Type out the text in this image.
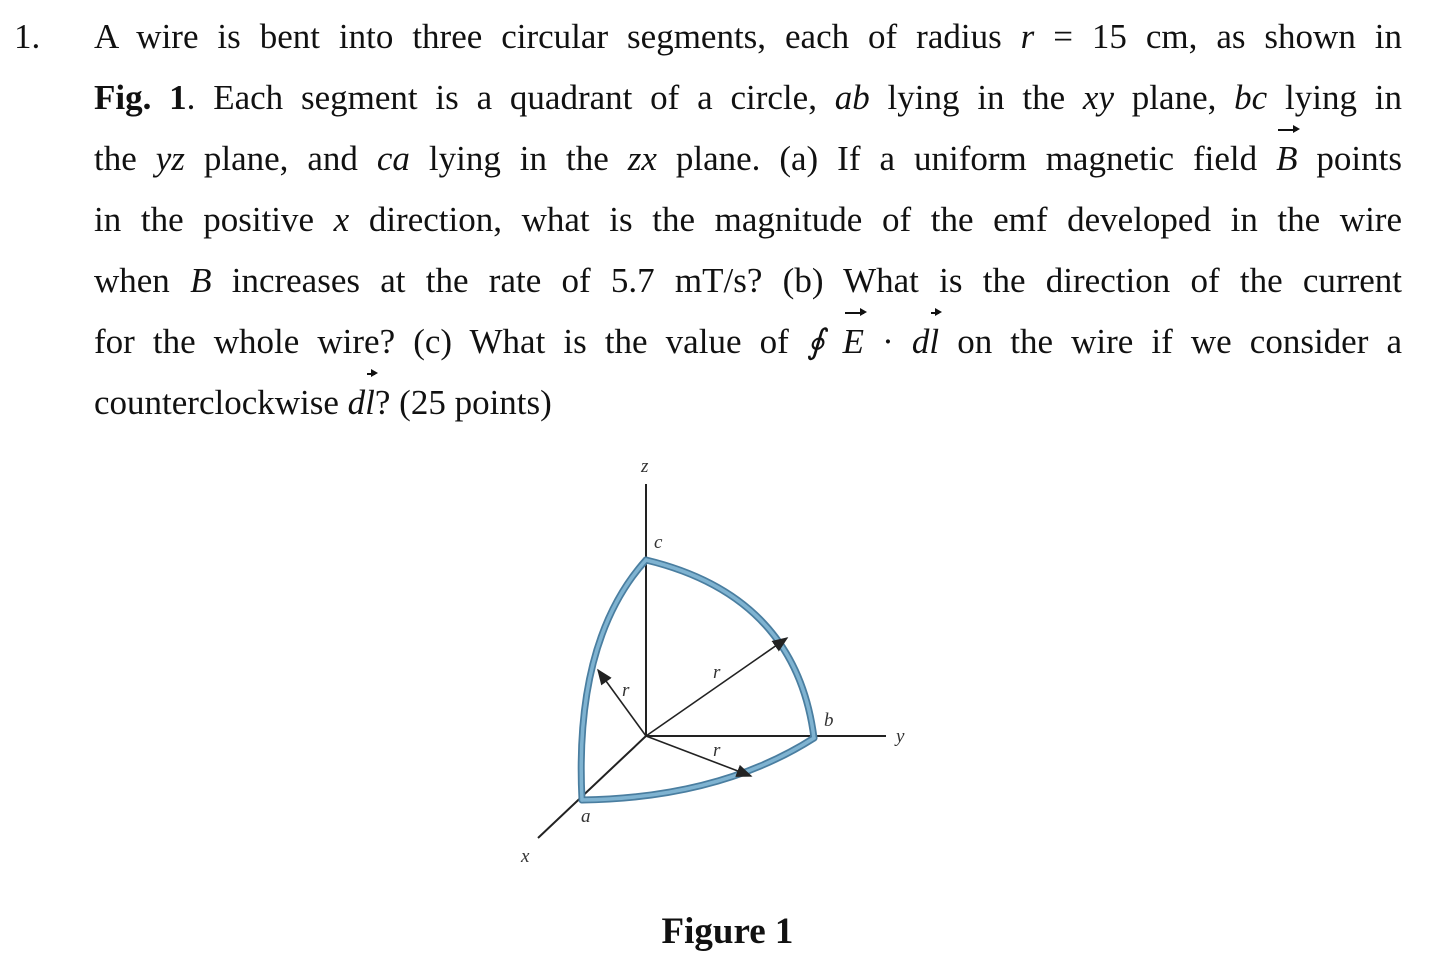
1. A wire is bent into three circular segments, each of radius r = 15 cm, as shown in
Fig. 1. Each segment is a quadrant of a circle, ab lying in the xy plane, bc lying in
the yz plane, and ca lying in the zx plane. (a) If a uniform magnetic field B points
in the positive x direction, what is the magnitude of the emf developed in the wire
when B increases at the rate of 5.7 mT/s? (b) What is the direction of the current
for the whole wire? (c) What is the value of ∮ E · dl on the wire if we consider a
counterclockwise dl? (25 points)
z
y
x
c
b
a
r
r
r
Figure 1
